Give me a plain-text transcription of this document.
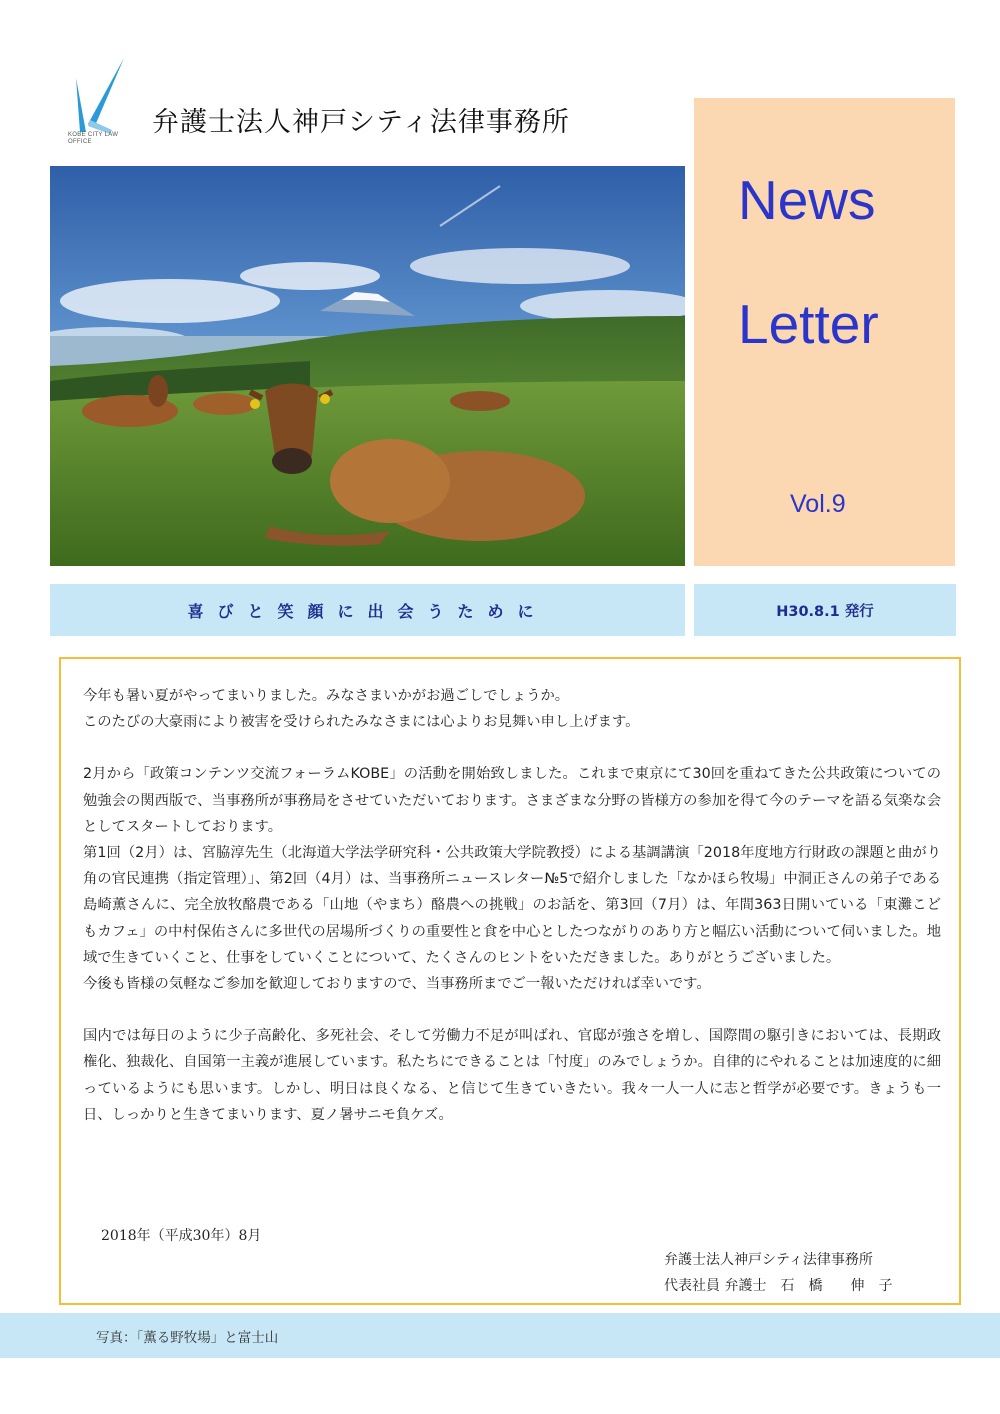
KOBE CITY LAW OFFICE
弁護士法人神戸シティ法律事務所
News
Letter
Vol.9
喜びと笑顔に出会うために	H30.8.1 発行

今年も暑い夏がやってまいりました。みなさまいかがお過ごしでしょうか。

このたびの大豪雨により被害を受けられたみなさまには心よりお見舞い申し上げます。

2月から「政策コンテンツ交流フォーラムKOBE」の活動を開始致しました。これまで東京にて30回を重ねてきた公共政策についての勉強会の関西版で、当事務所が事務局をさせていただいております。さまざまな分野の皆様方の参加を得て今のテーマを語る気楽な会としてスタートしております。

第1回（2月）は、宮脇淳先生（北海道大学法学研究科・公共政策大学院教授）による基調講演「2018年度地方行財政の課題と曲がり角の官民連携（指定管理）」、第2回（4月）は、当事務所ニュースレター№5で紹介しました「なかほら牧場」中洞正さんの弟子である島崎薫さんに、完全放牧酪農である「山地（やまち）酪農への挑戦」のお話を、第3回（7月）は、年間363日開いている「東灘こどもカフェ」の中村保佑さんに多世代の居場所づくりの重要性と食を中心としたつながりのあり方と幅広い活動について伺いました。地域で生きていくこと、仕事をしていくことについて、たくさんのヒントをいただきました。ありがとうございました。

今後も皆様の気軽なご参加を歓迎しておりますので、当事務所までご一報いただければ幸いです。

国内では毎日のように少子高齢化、多死社会、そして労働力不足が叫ばれ、官邸が強さを増し、国際間の駆引きにおいては、長期政権化、独裁化、自国第一主義が進展しています。私たちにできることは「忖度」のみでしょうか。自律的にやれることは加速度的に細っているようにも思います。しかし、明日は良くなる、と信じて生きていきたい。我々一人一人に志と哲学が必要です。きょうも一日、しっかりと生きてまいります、夏ノ暑サニモ負ケズ。

2018年（平成30年）8月
弁護士法人神戸シティ法律事務所
代表社員 弁護士　石　橋　　伸　子
写真：「薫る野牧場」と富士山
